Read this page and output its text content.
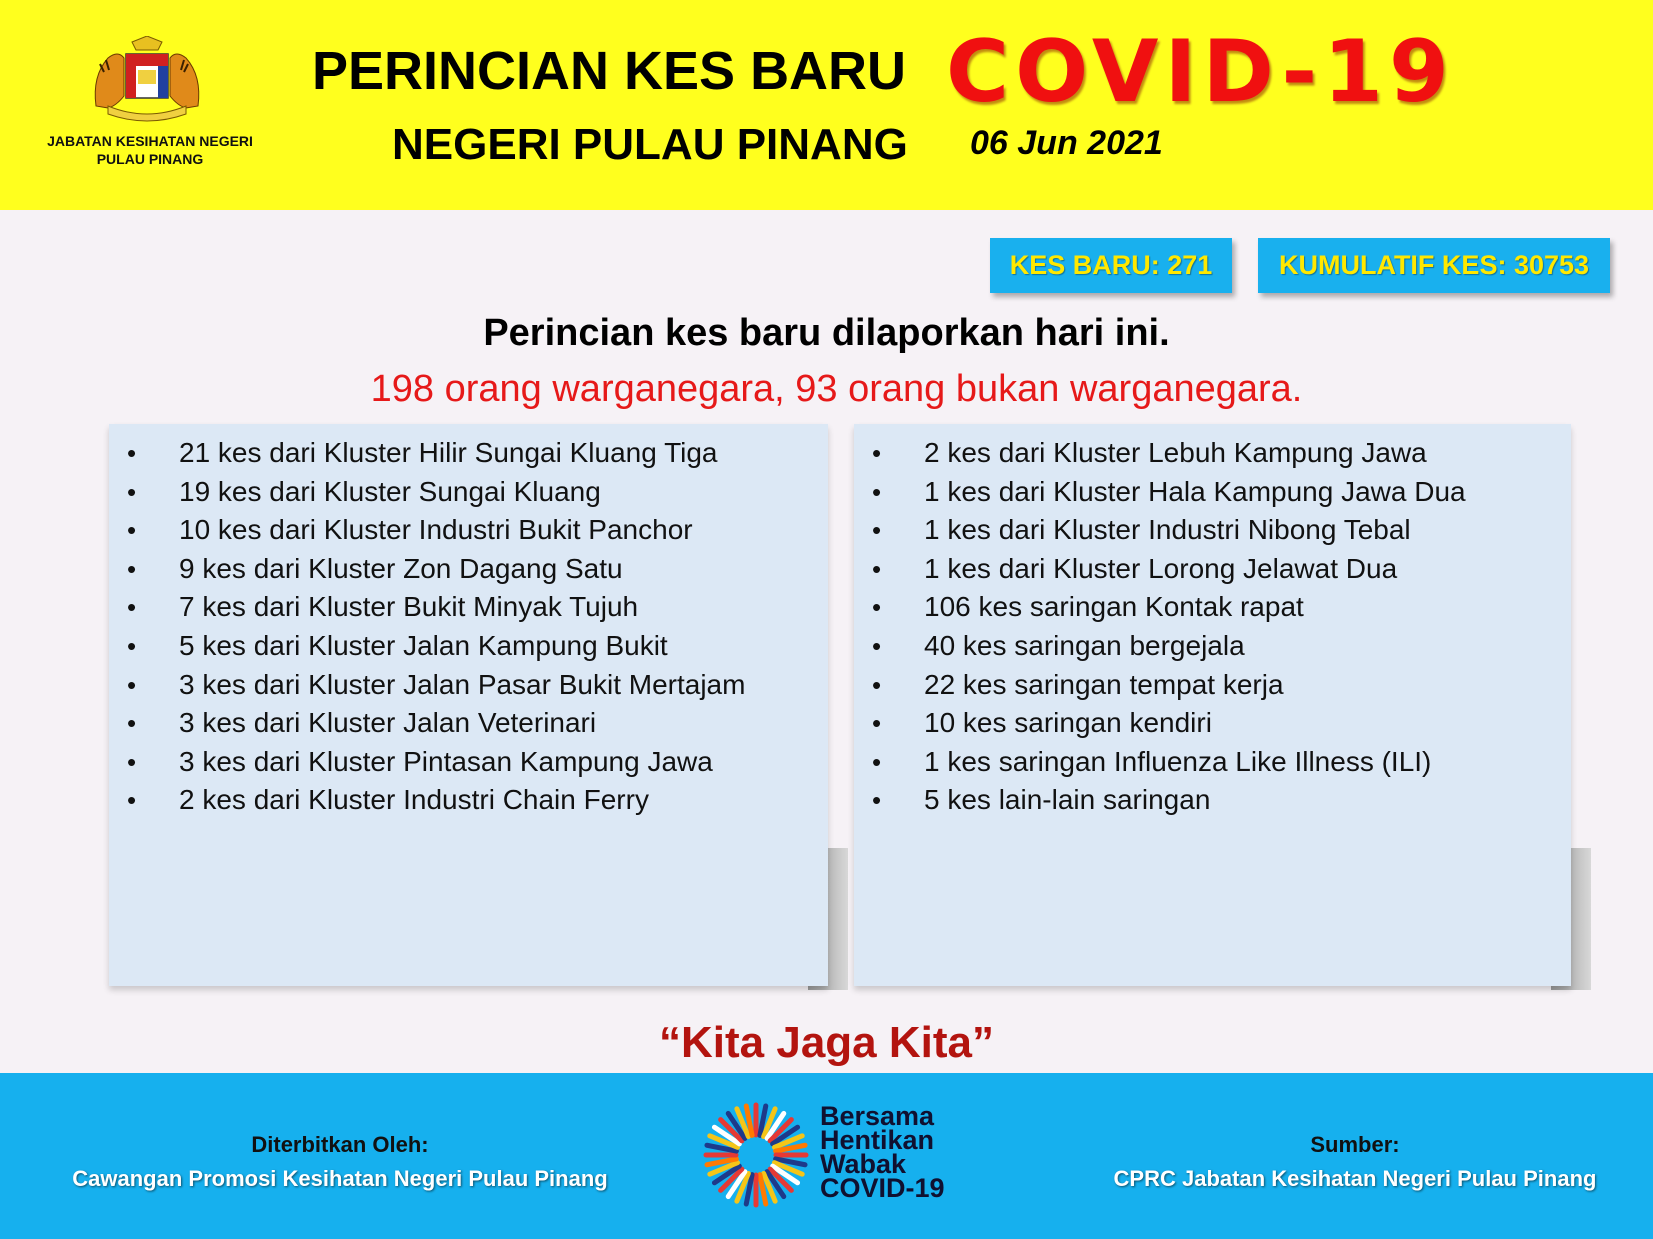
JABATAN KESIHATAN NEGERI
PULAU PINANG
PERINCIAN KES BARU COVID-19
NEGERI PULAU PINANG 06 Jun 2021
KES BARU: 271	KUMULATIF KES: 30753
Perincian kes baru dilaporkan hari ini.
198 orang warganegara, 93 orang bukan warganegara.
•	21 kes dari Kluster Hilir Sungai Kluang Tiga
•	19 kes dari Kluster Sungai Kluang
•	10 kes dari Kluster Industri Bukit Panchor
•	9 kes dari Kluster Zon Dagang Satu
•	7 kes dari Kluster Bukit Minyak Tujuh
•	5 kes dari Kluster Jalan Kampung Bukit
•	3 kes dari Kluster Jalan Pasar Bukit Mertajam
•	3 kes dari Kluster Jalan Veterinari
•	3 kes dari Kluster Pintasan Kampung Jawa
•	2 kes dari Kluster Industri Chain Ferry
•	2 kes dari Kluster Lebuh Kampung Jawa
•	1 kes dari Kluster Hala Kampung Jawa Dua
•	1 kes dari Kluster Industri Nibong Tebal
•	1 kes dari Kluster Lorong Jelawat Dua
•	106 kes saringan Kontak rapat
•	40 kes saringan bergejala
•	22 kes saringan tempat kerja
•	10 kes saringan kendiri
•	1 kes saringan Influenza Like Illness (ILI)
•	5 kes lain-lain saringan
“Kita Jaga Kita”
Diterbitkan Oleh:
Cawangan Promosi Kesihatan Negeri Pulau Pinang
Bersama
Hentikan
Wabak
COVID-19
Sumber:
CPRC Jabatan Kesihatan Negeri Pulau Pinang
